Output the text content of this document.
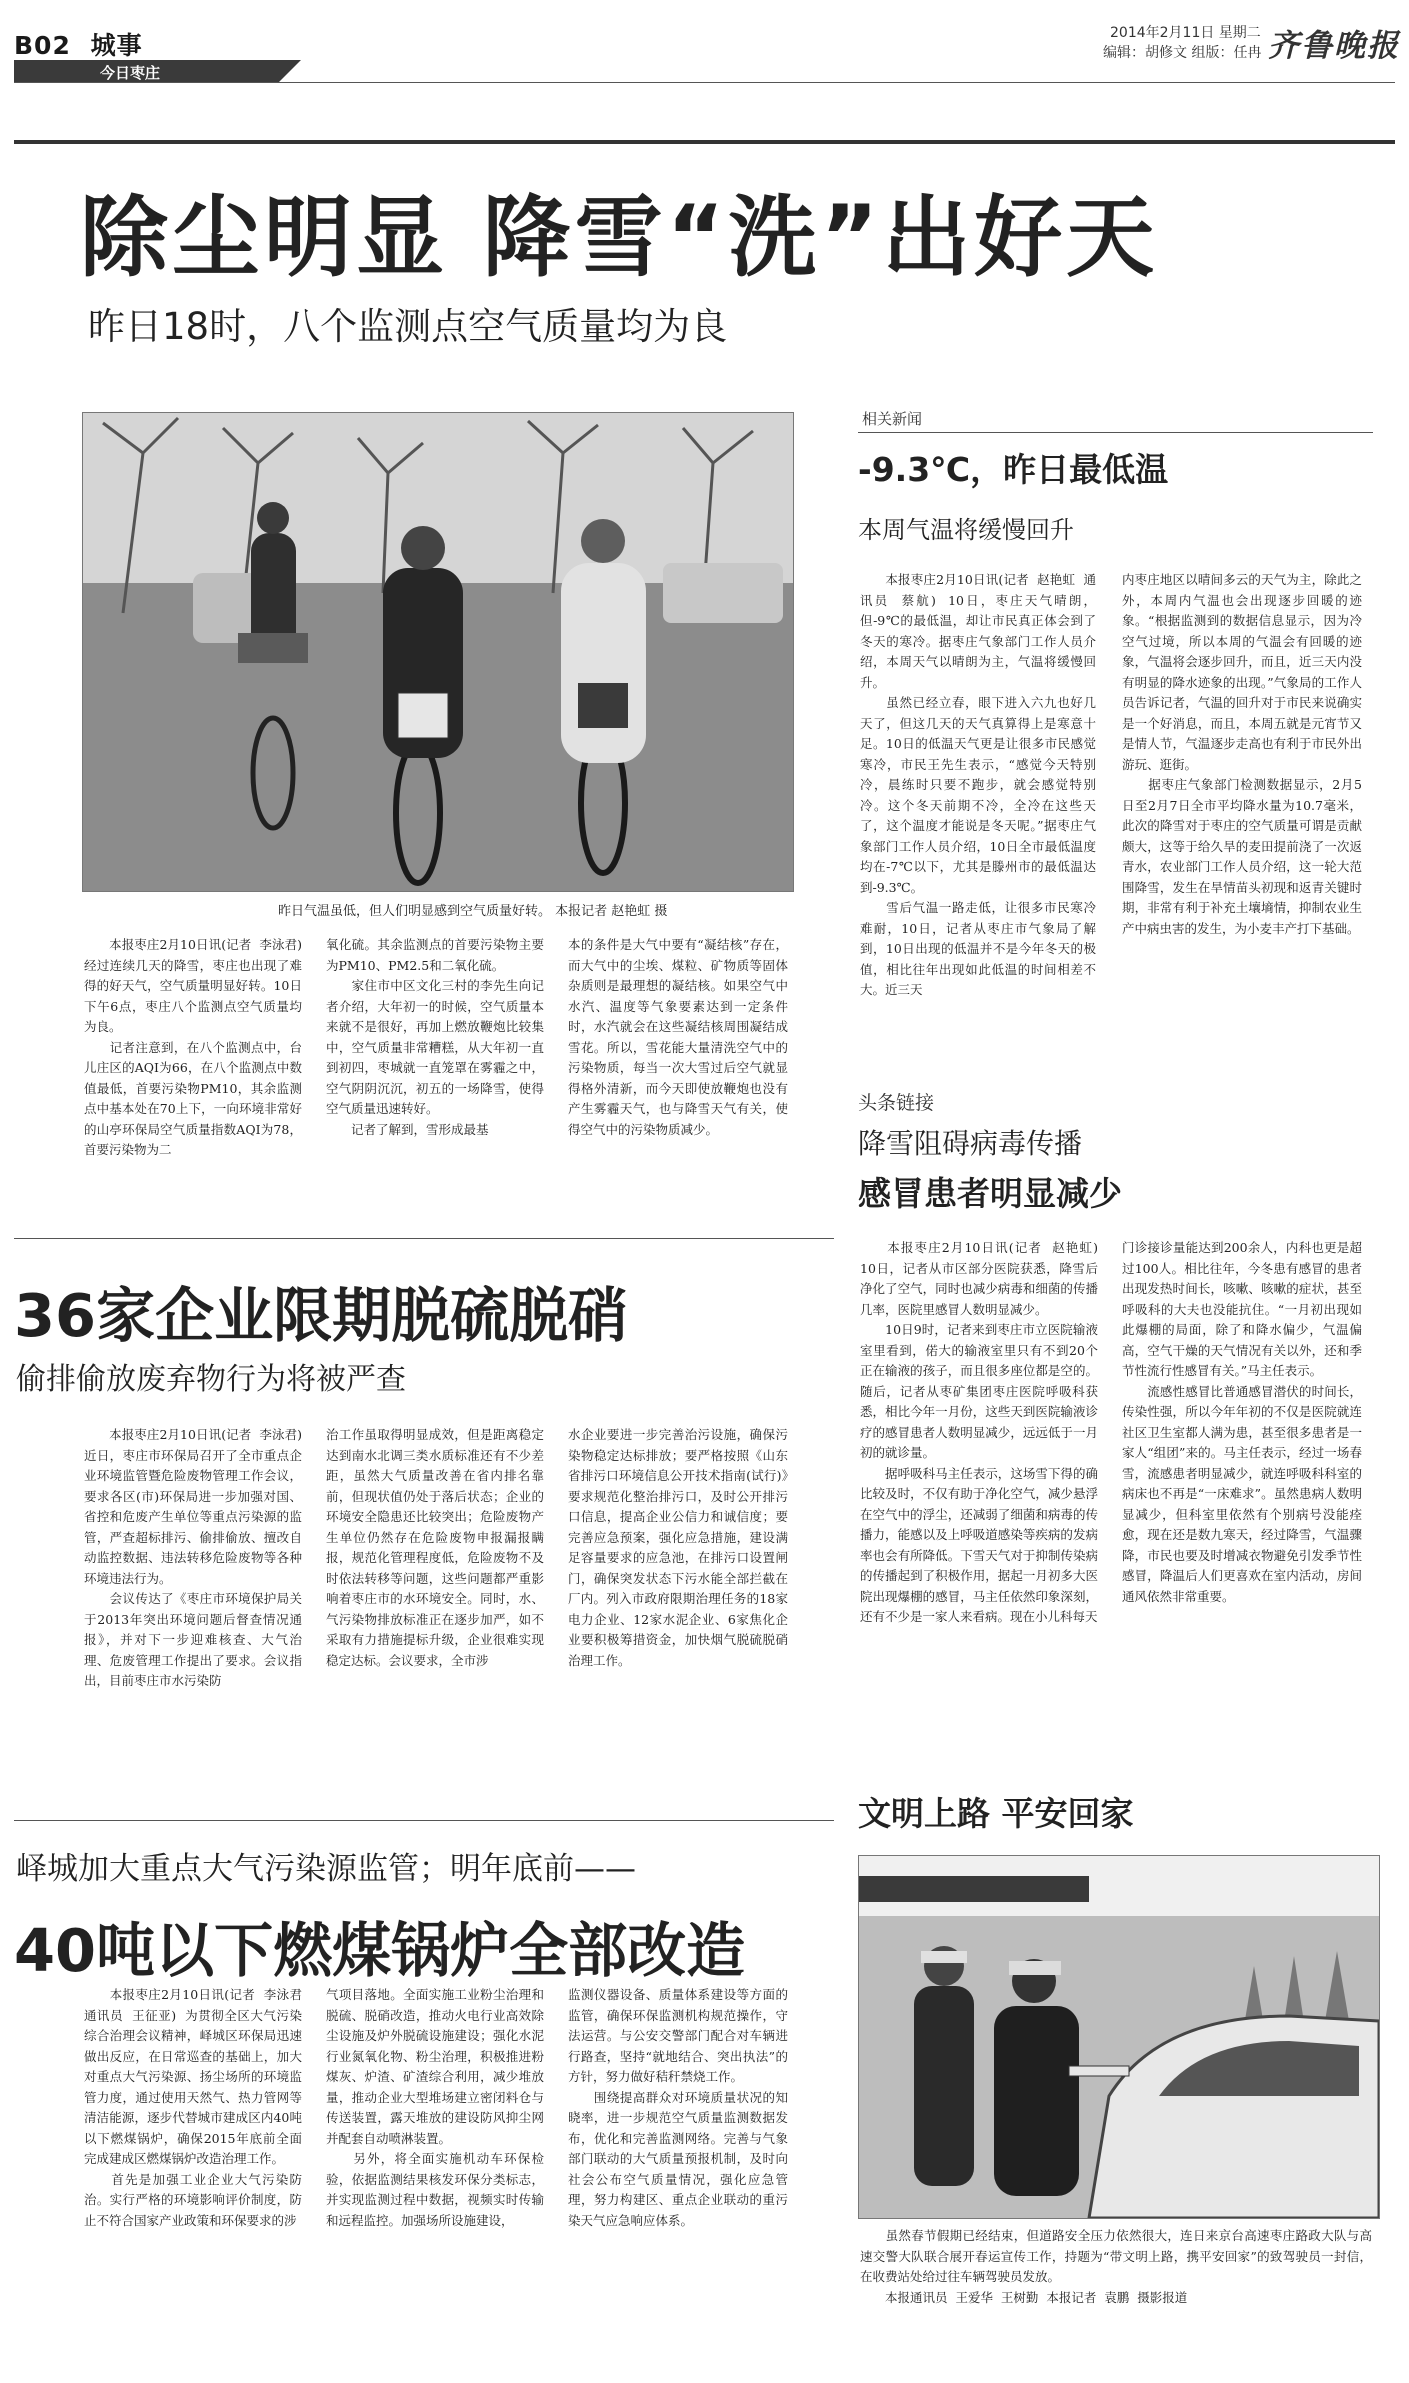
B02 城事
今日枣庄
2014年2月11日 星期二
编辑：胡修文 组版：任冉 齐鲁晚报
除尘明显 降雪“洗”出好天
昨日18时，八个监测点空气质量均为良
昨日气温虽低，但人们明显感到空气质量好转。 本报记者 赵艳虹 摄
　　本报枣庄2月10日讯(记者  李泳君)  经过连续几天的降雪，枣庄也出现了难得的好天气，空气质量明显好转。10日下午6点，枣庄八个监测点空气质量均为良。
　　记者注意到，在八个监测点中，台儿庄区的AQI为66，在八个监测点中数值最低，首要污染物PM10，其余监测点中基本处在70上下，一向环境非常好的山亭环保局空气质量指数AQI为78，首要污染物为二
氧化硫。其余监测点的首要污染物主要为PM10、PM2.5和二氧化硫。
　　家住市中区文化三村的李先生向记者介绍，大年初一的时候，空气质量本来就不是很好，再加上燃放鞭炮比较集中，空气质量非常糟糕，从大年初一直到初四，枣城就一直笼罩在雾霾之中，空气阴阴沉沉，初五的一场降雪，使得空气质量迅速转好。
　　记者了解到，雪形成最基
本的条件是大气中要有“凝结核”存在，而大气中的尘埃、煤粒、矿物质等固体杂质则是最理想的凝结核。如果空气中水汽、温度等气象要素达到一定条件时，水汽就会在这些凝结核周围凝结成雪花。所以，雪花能大量清洗空气中的污染物质，每当一次大雪过后空气就显得格外清新，而今天即使放鞭炮也没有产生雾霾天气，也与降雪天气有关，使得空气中的污染物质减少。
相关新闻
-9.3℃，昨日最低温
本周气温将缓慢回升
　　本报枣庄2月10日讯(记者  赵艳虹  通讯员  蔡航)  10日，枣庄天气晴朗，但-9℃的最低温，却让市民真正体会到了冬天的寒冷。据枣庄气象部门工作人员介绍，本周天气以晴朗为主，气温将缓慢回升。
　　虽然已经立春，眼下进入六九也好几天了，但这几天的天气真算得上是寒意十足。10日的低温天气更是让很多市民感觉寒冷，市民王先生表示，“感觉今天特别冷，晨练时只要不跑步，就会感觉特别冷。这个冬天前期不冷，全冷在这些天了，这个温度才能说是冬天呢。”据枣庄气象部门工作人员介绍，10日全市最低温度均在-7℃以下，尤其是滕州市的最低温达到-9.3℃。
　　雪后气温一路走低，让很多市民寒冷难耐，10日，记者从枣庄市气象局了解到，10日出现的低温并不是今年冬天的极值，相比往年出现如此低温的时间相差不大。近三天
内枣庄地区以晴间多云的天气为主，除此之外，本周内气温也会出现逐步回暖的迹象。“根据监测到的数据信息显示，因为冷空气过境，所以本周的气温会有回暖的迹象，气温将会逐步回升，而且，近三天内没有明显的降水迹象的出现。”气象局的工作人员告诉记者，气温的回升对于市民来说确实是一个好消息，而且，本周五就是元宵节又是情人节，气温逐步走高也有利于市民外出游玩、逛街。
　　据枣庄气象部门检测数据显示，2月5日至2月7日全市平均降水量为10.7毫米，此次的降雪对于枣庄的空气质量可谓是贡献颇大，这等于给久旱的麦田提前浇了一次返青水，农业部门工作人员介绍，这一轮大范围降雪，发生在旱情苗头初现和返青关键时期，非常有利于补充土壤墒情，抑制农业生产中病虫害的发生，为小麦丰产打下基础。
36家企业限期脱硫脱硝
偷排偷放废弃物行为将被严查
　　本报枣庄2月10日讯(记者  李泳君)  近日，枣庄市环保局召开了全市重点企业环境监管暨危险废物管理工作会议，要求各区(市)环保局进一步加强对国、省控和危废产生单位等重点污染源的监管，严查超标排污、偷排偷放、擅改自动监控数据、违法转移危险废物等各种环境违法行为。
　　会议传达了《枣庄市环境保护局关于2013年突出环境问题后督查情况通报》，并对下一步迎难核查、大气治理、危废管理工作提出了要求。会议指出，目前枣庄市水污染防
治工作虽取得明显成效，但是距离稳定达到南水北调三类水质标准还有不少差距，虽然大气质量改善在省内排名靠前，但现状值仍处于落后状态；企业的环境安全隐患还比较突出；危险废物产生单位仍然存在危险废物申报漏报瞒报，规范化管理程度低，危险废物不及时依法转移等问题，这些问题都严重影响着枣庄市的水环境安全。同时，水、气污染物排放标准正在逐步加严，如不采取有力措施提标升级，企业很难实现稳定达标。会议要求，全市涉
水企业要进一步完善治污设施，确保污染物稳定达标排放；要严格按照《山东省排污口环境信息公开技术指南(试行)》要求规范化整治排污口，及时公开排污口信息，提高企业公信力和诚信度；要完善应急预案，强化应急措施，建设满足容量要求的应急池，在排污口设置闸门，确保突发状态下污水能全部拦截在厂内。列入市政府限期治理任务的18家电力企业、12家水泥企业、6家焦化企业要积极筹措资金，加快烟气脱硫脱硝治理工作。
头条链接
降雪阻碍病毒传播
感冒患者明显减少
　　本报枣庄2月10日讯(记者  赵艳虹)  10日，记者从市区部分医院获悉，降雪后净化了空气，同时也减少病毒和细菌的传播几率，医院里感冒人数明显减少。
　　10日9时，记者来到枣庄市立医院输液室里看到，偌大的输液室里只有不到20个正在输液的孩子，而且很多座位都是空的。随后，记者从枣矿集团枣庄医院呼吸科获悉，相比今年一月份，这些天到医院输液诊疗的感冒患者人数明显减少，远远低于一月初的就诊量。
　　据呼吸科马主任表示，这场雪下得的确比较及时，不仅有助于净化空气，减少悬浮在空气中的浮尘，还减弱了细菌和病毒的传播力，能感以及上呼吸道感染等疾病的发病率也会有所降低。下雪天气对于抑制传染病的传播起到了积极作用，据起一月初多大医院出现爆棚的感冒，马主任依然印象深刻，还有不少是一家人来看病。现在小儿科每天
门诊接诊量能达到200余人，内科也更是超过100人。相比往年，今冬患有感冒的患者出现发热时间长，咳嗽、咳嗽的症状，甚至呼吸科的大夫也没能抗住。“一月初出现如此爆棚的局面，除了和降水偏少，气温偏高，空气干燥的天气情况有关以外，还和季节性流行性感冒有关。”马主任表示。
　　流感性感冒比普通感冒潜伏的时间长，传染性强，所以今年年初的不仅是医院就连社区卫生室都人满为患，甚至很多患者是一家人“组团”来的。马主任表示，经过一场春雪，流感患者明显减少，就连呼吸科科室的病床也不再是“一床难求”。虽然患病人数明显减少，但科室里依然有个别病号没能痊愈，现在还是数九寒天，经过降雪，气温骤降，市民也要及时增减衣物避免引发季节性感冒，降温后人们更喜欢在室内活动，房间通风依然非常重要。
峄城加大重点大气污染源监管；明年底前——
40吨以下燃煤锅炉全部改造
　　本报枣庄2月10日讯(记者  李泳君  通讯员  王征亚)  为贯彻全区大气污染综合治理会议精神，峄城区环保局迅速做出反应，在日常巡查的基础上，加大对重点大气污染源、扬尘场所的环境监管力度，通过使用天然气、热力管网等清洁能源，逐步代替城市建成区内40吨以下燃煤锅炉，确保2015年底前全面完成建成区燃煤锅炉改造治理工作。
　　首先是加强工业企业大气污染防治。实行严格的环境影响评价制度，防止不符合国家产业政策和环保要求的涉
气项目落地。全面实施工业粉尘治理和脱硫、脱硝改造，推动火电行业高效除尘设施及炉外脱硫设施建设；强化水泥行业氮氧化物、粉尘治理，积极推进粉煤灰、炉渣、矿渣综合利用，减少堆放量，推动企业大型堆场建立密闭料仓与传送装置，露天堆放的建设防风抑尘网并配套自动喷淋装置。
　　另外，将全面实施机动车环保检验，依据监测结果核发环保分类标志，并实现监测过程中数据，视频实时传输和远程监控。加强场所设施建设，
监测仪器设备、质量体系建设等方面的监管，确保环保监测机构规范操作，守法运营。与公安交警部门配合对车辆进行路查，坚持“就地结合、突出执法”的方针，努力做好秸秆禁烧工作。
　　围绕提高群众对环境质量状况的知晓率，进一步规范空气质量监测数据发布，优化和完善监测网络。完善与气象部门联动的大气质量预报机制，及时向社会公布空气质量情况，强化应急管理，努力构建区、重点企业联动的重污染天气应急响应体系。
文明上路 平安回家
　　虽然春节假期已经结束，但道路安全压力依然很大，连日来京台高速枣庄路政大队与高速交警大队联合展开春运宣传工作，持题为“带文明上路，携平安回家”的致驾驶员一封信，在收费站处给过往车辆驾驶员发放。
　　本报通讯员  王爱华  王树勤  本报记者  袁鹏  摄影报道
